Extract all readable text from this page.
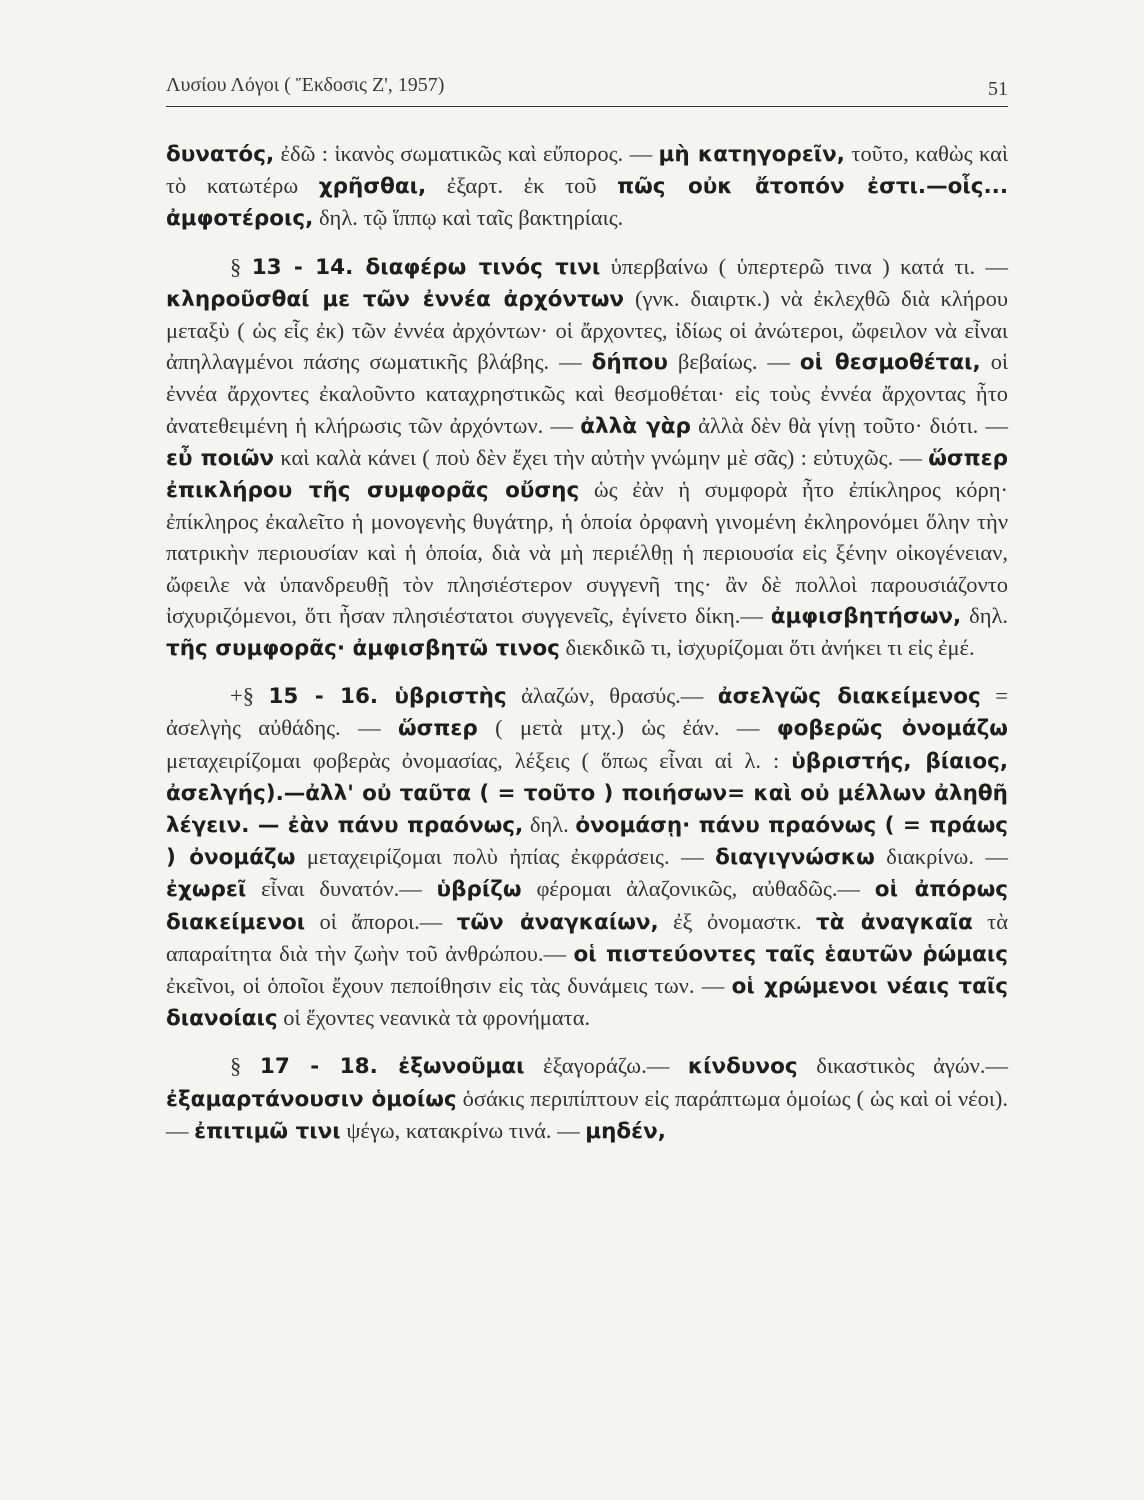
Λυσίου Λόγοι ( Ἔκδοσις Ζ', 1957)	51

δυνατός, ἐδῶ : ἱκανὸς σωματικῶς καὶ εὔπορος. — μὴ κατηγορεῖν, τοῦτο, καθὼς καὶ τὸ κατωτέρω χρῆσθαι, ἐξαρτ. ἐκ τοῦ πῶς οὐκ ἄτοπόν ἐστι.—οἷς... ἀμφοτέροις, δηλ. τῷ ἵππῳ καὶ ταῖς βακτηρίαις.

§ 13 - 14. διαφέρω τινός τινι ὑπερβαίνω ( ὑπερτερῶ τινα ) κατά τι. — κληροῦσθαί με τῶν ἐννέα ἀρχόντων (γνκ. διαιρτκ.) νὰ ἐκλεχθῶ διὰ κλήρου μεταξὺ ( ὡς εἷς ἐκ) τῶν ἐννέα ἀρχόντων· οἱ ἄρχοντες, ἰδίως οἱ ἀνώτεροι, ὤφειλον νὰ εἶναι ἀπηλλαγμένοι πάσης σωματικῆς βλάβης. — δήπου βεβαίως. — οἱ θεσμοθέται, οἱ ἐννέα ἄρχοντες ἐκαλοῦντο καταχρηστικῶς καὶ θεσμοθέται· εἰς τοὺς ἐννέα ἄρχοντας ἦτο ἀνατεθειμένη ἡ κλήρωσις τῶν ἀρχόντων. — ἀλλὰ γὰρ ἀλλὰ δὲν θὰ γίνῃ τοῦτο· διότι. — εὖ ποιῶν καὶ καλὰ κάνει ( ποὺ δὲν ἔχει τὴν αὐτὴν γνώμην μὲ σᾶς) : εὐτυχῶς. — ὥσπερ ἐπικλήρου τῆς συμφορᾶς οὔσης ὡς ἐὰν ἡ συμφορὰ ἦτο ἐπίκληρος κόρη· ἐπίκληρος ἐκαλεῖτο ἡ μονογενὴς θυγάτηρ, ἡ ὁποία ὀρφανὴ γινομένη ἐκληρονόμει ὅλην τὴν πατρικὴν περιουσίαν καὶ ἡ ὁποία, διὰ νὰ μὴ περιέλθῃ ἡ περιουσία εἰς ξένην οἰκογένειαν, ὤφειλε νὰ ὑπανδρευθῇ τὸν πλησιέστερον συγγενῆ της· ἂν δὲ πολλοὶ παρουσιάζοντο ἰσχυριζόμενοι, ὅτι ἦσαν πλησιέστατοι συγγενεῖς, ἐγίνετο δίκη.— ἀμφισβητήσων, δηλ. τῆς συμφορᾶς· ἀμφισβητῶ τινος διεκδικῶ τι, ἰσχυρίζομαι ὅτι ἀνήκει τι εἰς ἐμέ.

+§ 15 - 16. ὑβριστὴς ἀλαζών, θρασύς.— ἀσελγῶς διακείμενος = ἀσελγὴς αὐθάδης. — ὥσπερ ( μετὰ μτχ.) ὡς ἐάν. — φοβερῶς ὀνομάζω μεταχειρίζομαι φοβερὰς ὀνομασίας, λέξεις ( ὅπως εἶναι αἱ λ. : ὑβριστής, βίαιος, ἀσελγής).—ἀλλ' οὐ ταῦτα ( = τοῦτο ) ποιήσων= καὶ οὐ μέλλων ἀληθῆ λέγειν. — ἐὰν πάνυ πραόνως, δηλ. ὀνομάσῃ· πάνυ πραόνως ( = πράως ) ὀνομάζω μεταχειρίζομαι πολὺ ἠπίας ἐκφράσεις. — διαγιγνώσκω διακρίνω. — ἐχωρεῖ εἶναι δυνατόν.— ὑβρίζω φέρομαι ἀλαζονικῶς, αὐθαδῶς.— οἱ ἀπόρως διακείμενοι οἱ ἄποροι.— τῶν ἀναγκαίων, ἐξ ὀνομαστκ. τὰ ἀναγκαῖα τὰ απαραίτητα διὰ τὴν ζωὴν τοῦ ἀνθρώπου.— οἱ πιστεύοντες ταῖς ἑαυτῶν ῥώμαις ἐκεῖνοι, οἱ ὁποῖοι ἔχουν πεποίθησιν εἰς τὰς δυνάμεις των. — οἱ χρώμενοι νέαις ταῖς διανοίαις οἱ ἔχοντες νεανικὰ τὰ φρονήματα.

§ 17 - 18. ἐξωνοῦμαι ἐξαγοράζω.— κίνδυνος δικαστικὸς ἀγών.— ἐξαμαρτάνουσιν ὁμοίως ὁσάκις περιπίπτουν εἰς παράπτωμα ὁμοίως ( ὡς καὶ οἱ νέοι). — ἐπιτιμῶ τινι ψέγω, κατακρίνω τινά. — μηδέν,
